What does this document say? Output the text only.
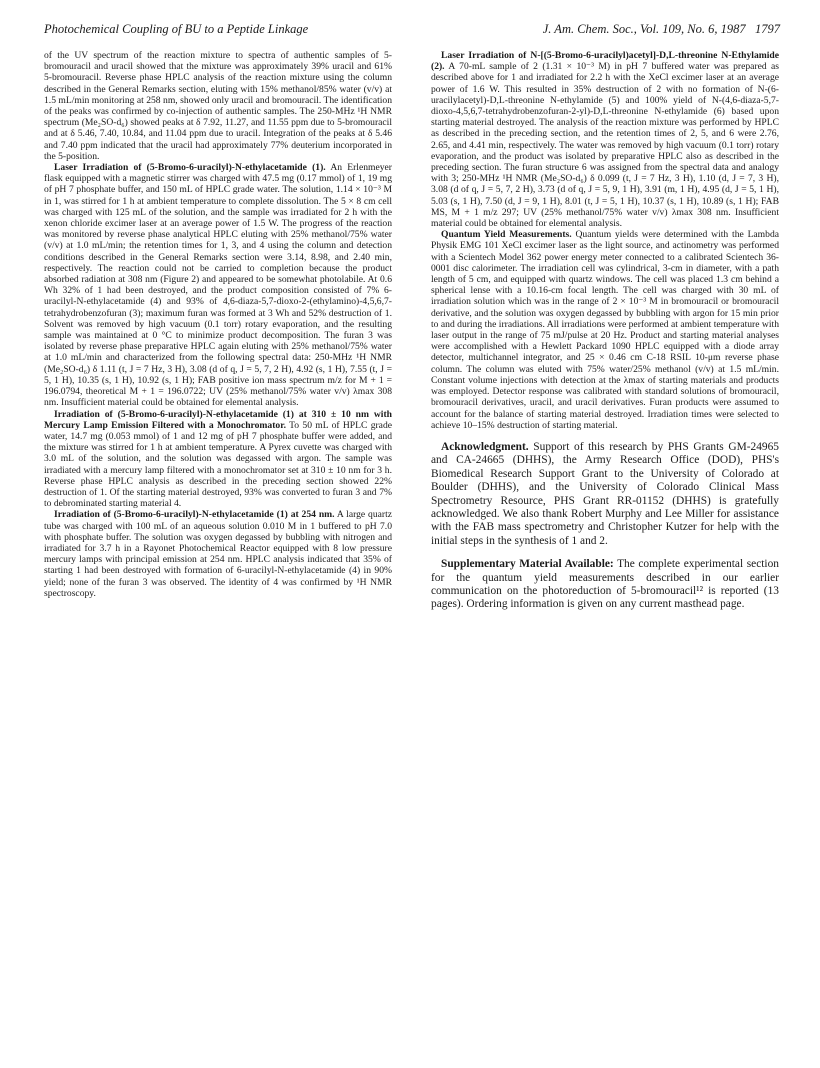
Photochemical Coupling of BU to a Peptide Linkage	J. Am. Chem. Soc., Vol. 109, No. 6, 1987 1797

of the UV spectrum of the reaction mixture to spectra of authentic samples of 5-bromouracil and uracil showed that the mixture was approximately 39% uracil and 61% 5-bromouracil. Reverse phase HPLC analysis of the reaction mixture using the column described in the General Remarks section, eluting with 15% methanol/85% water (v/v) at 1.5 mL/min monitoring at 258 nm, showed only uracil and bromouracil. The identification of the peaks was confirmed by co-injection of authentic samples. The 250-MHz ¹H NMR spectrum (Me₂SO-d₆) showed peaks at δ 7.92, 11.27, and 11.55 ppm due to 5-bromouracil and at δ 5.46, 7.40, 10.84, and 11.04 ppm due to uracil. Integration of the peaks at δ 5.46 and 7.40 ppm indicated that the uracil had approximately 77% deuterium incorporated in the 5-position.

Laser Irradiation of (5-Bromo-6-uracilyl)-N-ethylacetamide (1). An Erlenmeyer flask equipped with a magnetic stirrer was charged with 47.5 mg (0.17 mmol) of 1, 19 mg of pH 7 phosphate buffer, and 150 mL of HPLC grade water. The solution, 1.14 × 10⁻³ M in 1, was stirred for 1 h at ambient temperature to complete dissolution. The 5 × 8 cm cell was charged with 125 mL of the solution, and the sample was irradiated for 2 h with the xenon chloride excimer laser at an average power of 1.5 W. The progress of the reaction was monitored by reverse phase analytical HPLC eluting with 25% methanol/75% water (v/v) at 1.0 mL/min; the retention times for 1, 3, and 4 using the column and detection conditions described in the General Remarks section were 3.14, 8.98, and 2.40 min, respectively. The reaction could not be carried to completion because the product absorbed radiation at 308 nm (Figure 2) and appeared to be somewhat photolabile. At 0.6 Wh 32% of 1 had been destroyed, and the product composition consisted of 7% 6-uracilyl-N-ethylacetamide (4) and 93% of 4,6-diaza-5,7-dioxo-2-(ethylamino)-4,5,6,7-tetrahydrobenzofuran (3); maximum furan was formed at 3 Wh and 52% destruction of 1. Solvent was removed by high vacuum (0.1 torr) rotary evaporation, and the resulting sample was maintained at 0 °C to minimize product decomposition. The furan 3 was isolated by reverse phase preparative HPLC again eluting with 25% methanol/75% water at 1.0 mL/min and characterized from the following spectral data: 250-MHz ¹H NMR (Me₂SO-d₆) δ 1.11 (t, J = 7 Hz, 3 H), 3.08 (d of q, J = 5, 7, 2 H), 4.92 (s, 1 H), 7.55 (t, J = 5, 1 H), 10.35 (s, 1 H), 10.92 (s, 1 H); FAB positive ion mass spectrum m/z for M + 1 = 196.0794, theoretical M + 1 = 196.0722; UV (25% methanol/75% water v/v) λmax 308 nm. Insufficient material could be obtained for elemental analysis.

Irradiation of (5-Bromo-6-uracilyl)-N-ethylacetamide (1) at 310 ± 10 nm with Mercury Lamp Emission Filtered with a Monochromator. To 50 mL of HPLC grade water, 14.7 mg (0.053 mmol) of 1 and 12 mg of pH 7 phosphate buffer were added, and the mixture was stirred for 1 h at ambient temperature. A Pyrex cuvette was charged with 3.0 mL of the solution, and the solution was degassed with argon. The sample was irradiated with a mercury lamp filtered with a monochromator set at 310 ± 10 nm for 3 h. Reverse phase HPLC analysis as described in the preceding section showed 22% destruction of 1. Of the starting material destroyed, 93% was converted to furan 3 and 7% to debrominated starting material 4.

Irradiation of (5-Bromo-6-uracilyl)-N-ethylacetamide (1) at 254 nm. A large quartz tube was charged with 100 mL of an aqueous solution 0.010 M in 1 buffered to pH 7.0 with phosphate buffer. The solution was oxygen degassed by bubbling with nitrogen and irradiated for 3.7 h in a Rayonet Photochemical Reactor equipped with 8 low pressure mercury lamps with principal emission at 254 nm. HPLC analysis indicated that 35% of starting 1 had been destroyed with formation of 6-uracilyl-N-ethylacetamide (4) in 90% yield; none of the furan 3 was observed. The identity of 4 was confirmed by ¹H NMR spectroscopy.

Laser Irradiation of N-[(5-Bromo-6-uracilyl)acetyl]-D,L-threonine N-Ethylamide (2). A 70-mL sample of 2 (1.31 × 10⁻³ M) in pH 7 buffered water was prepared as described above for 1 and irradiated for 2.2 h with the XeCl excimer laser at an average power of 1.6 W. This resulted in 35% destruction of 2 with no formation of N-(6-uracilylacetyl)-D,L-threonine N-ethylamide (5) and 100% yield of N-(4,6-diaza-5,7-dioxo-4,5,6,7-tetrahydrobenzofuran-2-yl)-D,L-threonine N-ethylamide (6) based upon starting material destroyed. The analysis of the reaction mixture was performed by HPLC as described in the preceding section, and the retention times of 2, 5, and 6 were 2.76, 2.65, and 4.41 min, respectively. The water was removed by high vacuum (0.1 torr) rotary evaporation, and the product was isolated by preparative HPLC also as described in the preceding section. The furan structure 6 was assigned from the spectral data and analogy with 3; 250-MHz ¹H NMR (Me₂SO-d₆) δ 0.099 (t, J = 7 Hz, 3 H), 1.10 (d, J = 7, 3 H), 3.08 (d of q, J = 5, 7, 2 H), 3.73 (d of q, J = 5, 9, 1 H), 3.91 (m, 1 H), 4.95 (d, J = 5, 1 H), 5.03 (s, 1 H), 7.50 (d, J = 9, 1 H), 8.01 (t, J = 5, 1 H), 10.37 (s, 1 H), 10.89 (s, 1 H); FAB MS, M + 1 m/z 297; UV (25% methanol/75% water v/v) λmax 308 nm. Insufficient material could be obtained for elemental analysis.

Quantum Yield Measurements. Quantum yields were determined with the Lambda Physik EMG 101 XeCl excimer laser as the light source, and actinometry was performed with a Scientech Model 362 power energy meter connected to a calibrated Scientech 36-0001 disc calorimeter. The irradiation cell was cylindrical, 3-cm in diameter, with a path length of 5 cm, and equipped with quartz windows. The cell was placed 1.3 cm behind a spherical lense with a 10.16-cm focal length. The cell was charged with 30 mL of irradiation solution which was in the range of 2 × 10⁻³ M in bromouracil or bromouracil derivative, and the solution was oxygen degassed by bubbling with argon for 15 min prior to and during the irradiations. All irradiations were performed at ambient temperature with laser output in the range of 75 mJ/pulse at 20 Hz. Product and starting material analyses were accomplished with a Hewlett Packard 1090 HPLC equipped with a diode array detector, multichannel integrator, and 25 × 0.46 cm C-18 RSIL 10-μm reverse phase column. The column was eluted with 75% water/25% methanol (v/v) at 1.5 mL/min. Constant volume injections with detection at the λmax of starting materials and products was employed. Detector response was calibrated with standard solutions of bromouracil, bromouracil derivatives, uracil, and uracil derivatives. Furan products were assumed to account for the balance of starting material destroyed. Irradiation times were selected to achieve 10–15% destruction of starting material.

Acknowledgment. Support of this research by PHS Grants GM-24965 and CA-24665 (DHHS), the Army Research Office (DOD), PHS's Biomedical Research Support Grant to the University of Colorado at Boulder (DHHS), and the University of Colorado Clinical Mass Spectrometry Resource, PHS Grant RR-01152 (DHHS) is gratefully acknowledged. We also thank Robert Murphy and Lee Miller for assistance with the FAB mass spectrometry and Christopher Kutzer for help with the initial steps in the synthesis of 1 and 2.

Supplementary Material Available: The complete experimental section for the quantum yield measurements described in our earlier communication on the photoreduction of 5-bromouracil¹² is reported (13 pages). Ordering information is given on any current masthead page.
